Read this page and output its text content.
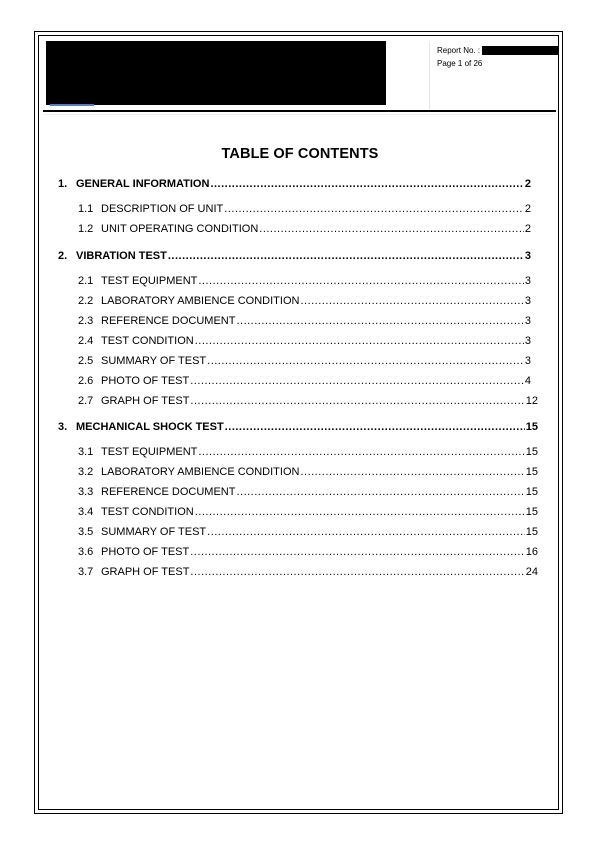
Report No. :
Page 1 of 26
TABLE OF CONTENTS
1. GENERAL INFORMATION .....	2
1.1 DESCRIPTION OF UNIT .....	2
1.2 UNIT OPERATING CONDITION .....	2
2. VIBRATION TEST .....	3
2.1 TEST EQUIPMENT .....	3
2.2 LABORATORY AMBIENCE CONDITION .....	3
2.3 REFERENCE DOCUMENT .....	3
2.4 TEST CONDITION .....	3
2.5 SUMMARY OF TEST .....	3
2.6 PHOTO OF TEST .....	4
2.7 GRAPH OF TEST .....	12
3. MECHANICAL SHOCK TEST .....	15
3.1 TEST EQUIPMENT .....	15
3.2 LABORATORY AMBIENCE CONDITION .....	15
3.3 REFERENCE DOCUMENT .....	15
3.4 TEST CONDITION .....	15
3.5 SUMMARY OF TEST .....	15
3.6 PHOTO OF TEST .....	16
3.7 GRAPH OF TEST .....	24
